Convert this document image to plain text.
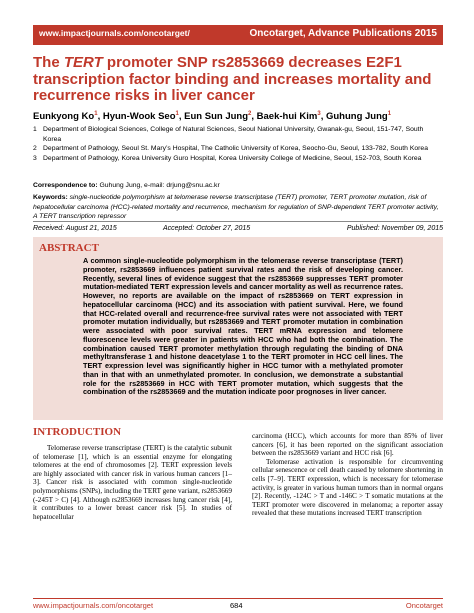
www.impactjournals.com/oncotarget/	Oncotarget, Advance Publications 2015
The TERT promoter SNP rs2853669 decreases E2F1 transcription factor binding and increases mortality and recurrence risks in liver cancer
Eunkyong Ko$^1$, Hyun-Wook Seo$^1$, Eun Sun Jung$^2$, Baek-hui Kim$^3$, Guhung Jung$^1$
1 Department of Biological Sciences, College of Natural Sciences, Seoul National University, Gwanak-gu, Seoul, 151-747, South Korea
2 Department of Pathology, Seoul St. Mary’s Hospital, The Catholic University of Korea, Seocho-Gu, Seoul, 133-782, South Korea
3 Department of Pathology, Korea University Guro Hospital, Korea University College of Medicine, Seoul, 152-703, South Korea
Correspondence to: Guhung Jung, e-mail: drjung@snu.ac.kr
Keywords: single-nucleotide polymorphism at telomerase reverse transcriptase (TERT) promoter, TERT promoter mutation, risk of hepatocellular carcinoma (HCC)-related mortality and recurrence, mechanism for regulation of SNP-dependent TERT promoter activity, A TERT transcription repressor
Received: August 21, 2015	Accepted: October 27, 2015	Published: November 09, 2015
ABSTRACT
A common single-nucleotide polymorphism in the telomerase reverse transcriptase (TERT) promoter, rs2853669 influences patient survival rates and the risk of developing cancer. Recently, several lines of evidence suggest that the rs2853669 suppresses TERT promoter mutation-mediated TERT expression levels and cancer mortality as well as recurrence rates. However, no reports are available on the impact of rs2853669 on TERT expression in hepatocellular carcinoma (HCC) and its association with patient survival. Here, we found that HCC-related overall and recurrence-free survival rates were not associated with TERT promoter mutation individually, but rs2853669 and TERT promoter mutation in combination were associated with poor survival rates. TERT mRNA expression and telomere fluorescence levels were greater in patients with HCC who had both the combination. The combination caused TERT promoter methylation through regulating the binding of DNA methyltransferase 1 and histone deacetylase 1 to the TERT promoter in HCC cell lines. The TERT expression level was significantly higher in HCC tumor with a methylated promoter than in that with an unmethylated promoter. In conclusion, we demonstrate a substantial role for the rs2853669 in HCC with TERT promoter mutation, which suggests that the combination of the rs2853669 and the mutation indicate poor prognoses in liver cancer.
INTRODUCTION

Telomerase reverse transcriptase (TERT) is the catalytic subunit of telomerase [1], which is an essential enzyme for elongating telomeres at the end of chromosomes [2]. TERT expression levels are highly associated with cancer risk in various human cancers [1–3]. Cancer risk is associated with common single-nucleotide polymorphisms (SNPs), including the TERT gene variant, rs2853669 (-245T > C) [4]. Although rs2853669 increases lung cancer risk [4], it contributes to a lower breast cancer risk [5]. In studies of hepatocellular

carcinoma (HCC), which accounts for more than 85% of liver cancers [6], it has been reported on the significant association between the rs2853669 variant and HCC risk [6].

Telomerase activation is responsible for circumventing cellular senescence or cell death caused by telomere shortening in cells [7–9]. TERT expression, which is necessary for telomerase activity, is greater in various human tumors than in normal organs [2]. Recently, -124C > T and -146C > T somatic mutations at the TERT promoter were discovered in melanoma; a reporter assay revealed that these mutations increased TERT transcription

www.impactjournals.com/oncotarget	684	Oncotarget
